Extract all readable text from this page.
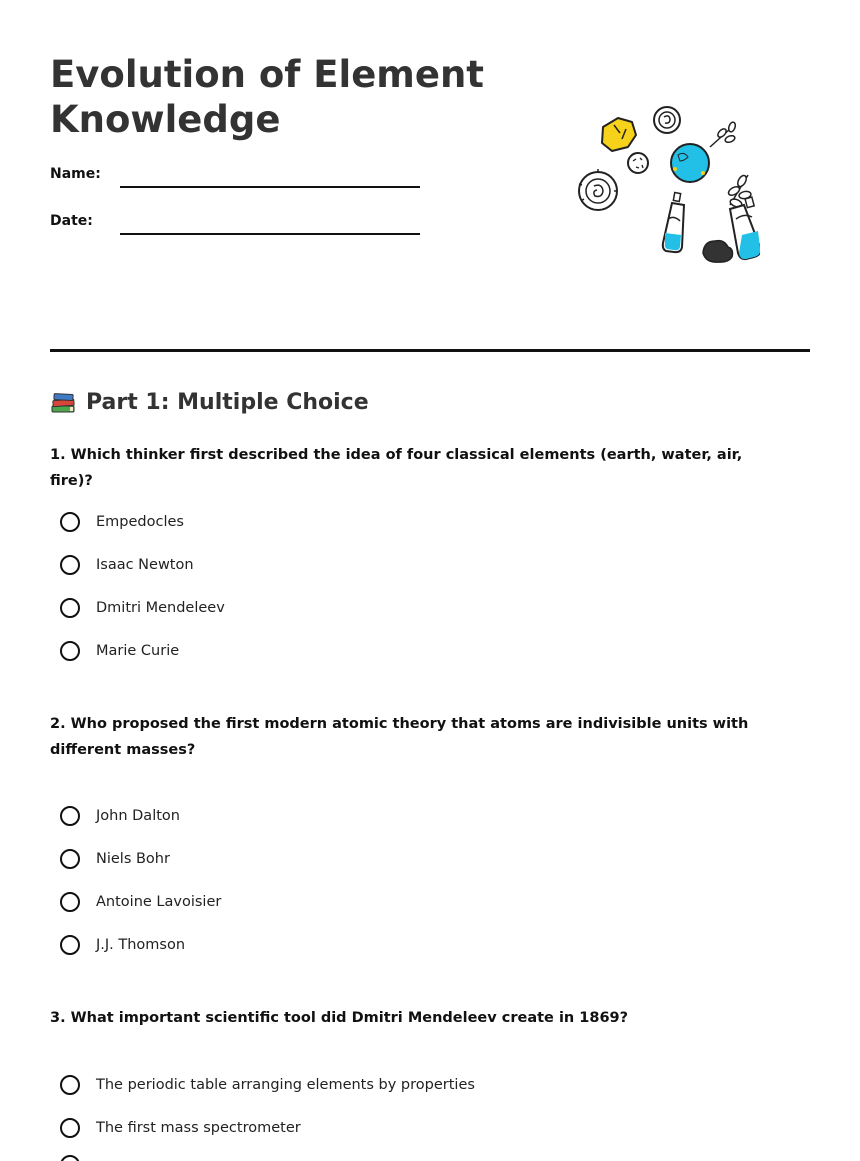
Evolution of Element Knowledge
Name:
Date:
Part 1: Multiple Choice

1. Which thinker first described the idea of four classical elements (earth, water, air, fire)?

Empedocles
Isaac Newton
Dmitri Mendeleev
Marie Curie

2. Who proposed the first modern atomic theory that atoms are indivisible units with different masses?

John Dalton
Niels Bohr
Antoine Lavoisier
J.J. Thomson

3. What important scientific tool did Dmitri Mendeleev create in 1869?

The periodic table arranging elements by properties
The first mass spectrometer
